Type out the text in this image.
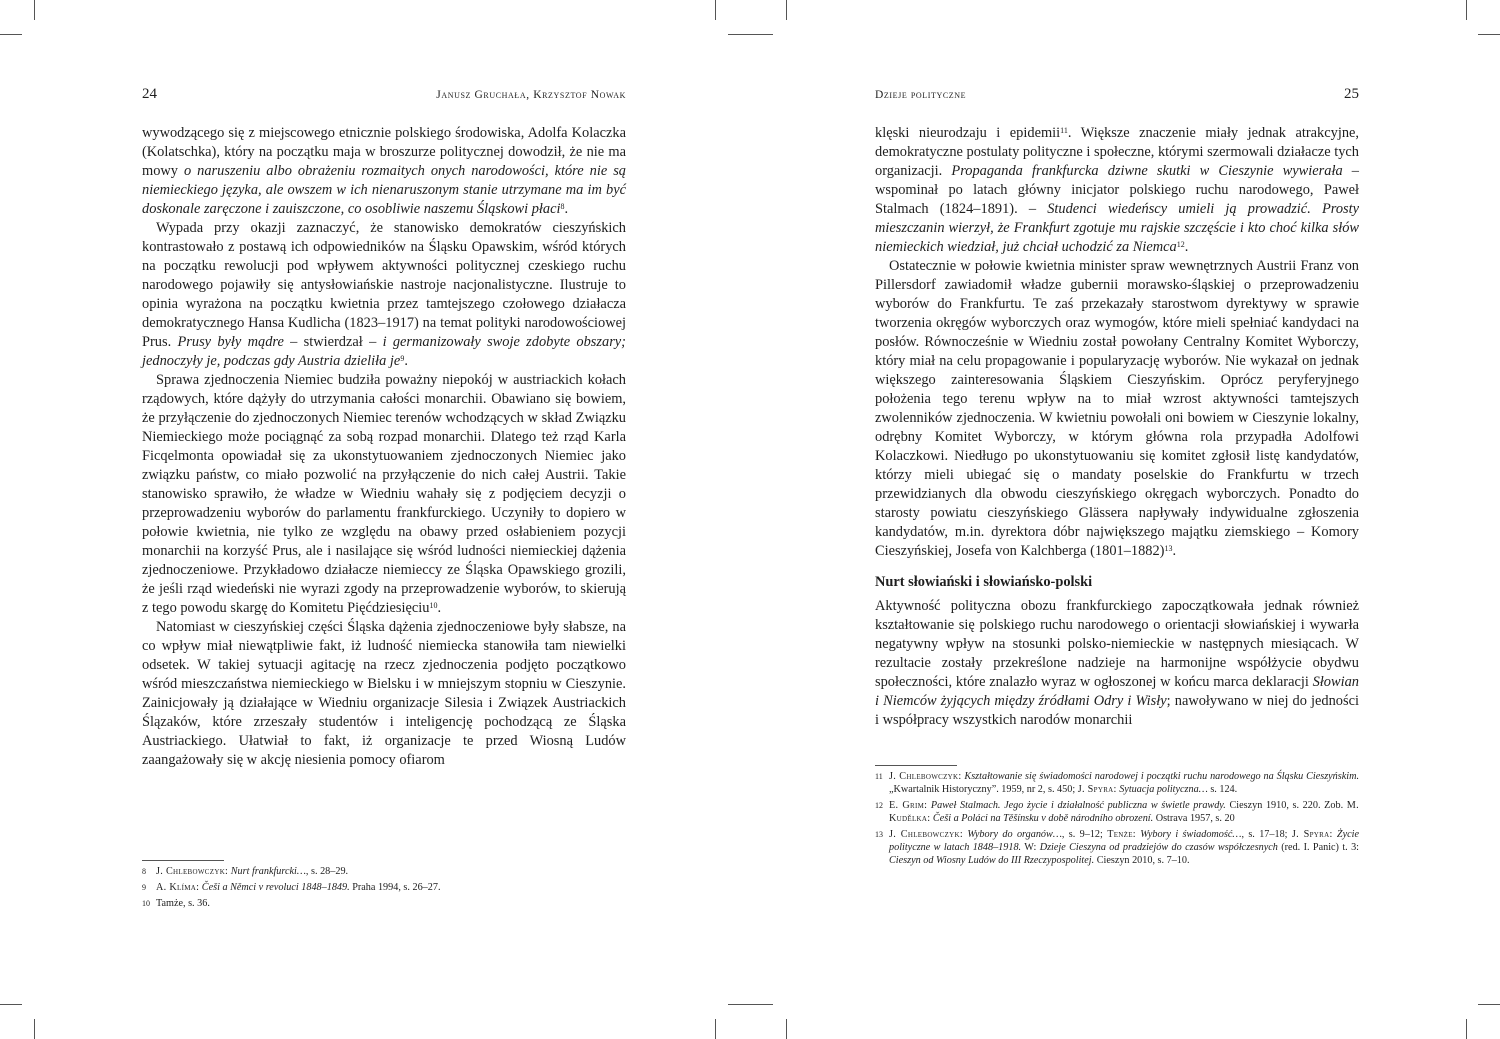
24	Janusz Gruchała, Krzysztof Nowak

wywodzącego się z miejscowego etnicznie polskiego środowiska, Adolfa Kolaczka (Kolatschka), który na początku maja w broszurze politycznej dowodził, że nie ma mowy o naruszeniu albo obrażeniu rozmaitych onych narodowości, które nie są niemieckiego języka, ale owszem w ich nienaruszonym stanie utrzymane ma im być doskonale zaręczone i zauiszczone, co osobliwie naszemu Śląskowi płaci$^8$.

Wypada przy okazji zaznaczyć, że stanowisko demokratów cieszyńskich kontrastowało z postawą ich odpowiedników na Śląsku Opawskim, wśród których na początku rewolucji pod wpływem aktywności politycznej czeskiego ruchu narodowego pojawiły się antysłowiańskie nastroje nacjonalistyczne. Ilustruje to opinia wyrażona na początku kwietnia przez tamtejszego czołowego działacza demokratycznego Hansa Kudlicha (1823–1917) na temat polityki narodowościowej Prus. Prusy były mądre – stwierdzał – i germanizowały swoje zdobyte obszary; jednoczyły je, podczas gdy Austria dzieliła $je^9$.

Sprawa zjednoczenia Niemiec budziła poważny niepokój w austriackich kołach rządowych, które dążyły do utrzymania całości monarchii. Obawiano się bowiem, że przyłączenie do zjednoczonych Niemiec terenów wchodzących w skład Związku Niemieckiego może pociągnąć za sobą rozpad monarchii. Dlatego też rząd Karla Ficqelmonta opowiadał się za ukonstytuowaniem zjednoczonych Niemiec jako związku państw, co miało pozwolić na przyłączenie do nich całej Austrii. Takie stanowisko sprawiło, że władze w Wiedniu wahały się z podjęciem decyzji o przeprowadzeniu wyborów do parlamentu frankfurckiego. Uczyniły to dopiero w połowie kwietnia, nie tylko ze względu na obawy przed osłabieniem pozycji monarchii na korzyść Prus, ale i nasilające się wśród ludności niemieckiej dążenia zjednoczeniowe. Przykładowo działacze niemieccy ze Śląska Opawskiego grozili, że jeśli rząd wiedeński nie wyrazi zgody na przeprowadzenie wyborów, to skierują z tego powodu skargę do Komitetu Pięćdziesięciu$^{10}$.

Natomiast w cieszyńskiej części Śląska dążenia zjednoczeniowe były słabsze, na co wpływ miał niewątpliwie fakt, iż ludność niemiecka stanowiła tam niewielki odsetek. W takiej sytuacji agitację na rzecz zjednoczenia podjęto początkowo wśród mieszczaństwa niemieckiego w Bielsku i w mniejszym stopniu w Cieszynie. Zainicjowały ją działające w Wiedniu organizacje Silesia i Związek Austriackich Ślązaków, które zrzeszały studentów i inteligencję pochodzącą ze Śląska Austriackiego. Ułatwiał to fakt, iż organizacje te przed Wiosną Ludów zaangażowały się w akcję niesienia pomocy ofiarom

8 J. Chlebowczyk: Nurt frankfurcki…, s. 28–29.
9 A. Klíma: Češi a Němci v revoluci 1848–1849. Praha 1994, s. 26–27.
10 Tamże, s. 36.
Dzieje polityczne	25

klęski nieurodzaju i epidemii$^{11}$. Większe znaczenie miały jednak atrakcyjne, demokratyczne postulaty polityczne i społeczne, którymi szermowali działacze tych organizacji. Propaganda frankfurcka dziwne skutki w Cieszynie wywierała – wspominał po latach główny inicjator polskiego ruchu narodowego, Paweł Stalmach (1824–1891). – Studenci wiedeńscy umieli ją prowadzić. Prosty mieszczanin wierzył, że Frankfurt zgotuje mu rajskie szczęście i kto choć kilka słów niemieckich wiedział, już chciał uchodzić za Niemca$^{12}$.

Ostatecznie w połowie kwietnia minister spraw wewnętrznych Austrii Franz von Pillersdorf zawiadomił władze gubernii morawsko-śląskiej o przeprowadzeniu wyborów do Frankfurtu. Te zaś przekazały starostwom dyrektywy w sprawie tworzenia okręgów wyborczych oraz wymogów, które mieli spełniać kandydaci na posłów. Równocześnie w Wiedniu został powołany Centralny Komitet Wyborczy, który miał na celu propagowanie i popularyzację wyborów. Nie wykazał on jednak większego zainteresowania Śląskiem Cieszyńskim. Oprócz peryferyjnego położenia tego terenu wpływ na to miał wzrost aktywności tamtejszych zwolenników zjednoczenia. W kwietniu powołali oni bowiem w Cieszynie lokalny, odrębny Komitet Wyborczy, w którym główna rola przypadła Adolfowi Kolaczkowi. Niedługo po ukonstytuowaniu się komitet zgłosił listę kandydatów, którzy mieli ubiegać się o mandaty poselskie do Frankfurtu w trzech przewidzianych dla obwodu cieszyńskiego okręgach wyborczych. Ponadto do starosty powiatu cieszyńskiego Glässera napływały indywidualne zgłoszenia kandydatów, m.in. dyrektora dóbr największego majątku ziemskiego – Komory Cieszyńskiej, Josefa von Kalchberga (1801–1882)$^{13}$.

Nurt słowiański i słowiańsko-polski

Aktywność polityczna obozu frankfurckiego zapoczątkowała jednak również kształtowanie się polskiego ruchu narodowego o orientacji słowiańskiej i wywarła negatywny wpływ na stosunki polsko-niemieckie w następnych miesiącach. W rezultacie zostały przekreślone nadzieje na harmonijne współżycie obydwu społeczności, które znalazło wyraz w ogłoszonej w końcu marca deklaracji Słowian i Niemców żyjących między źródłami Odry i Wisły; nawoływano w niej do jedności i współpracy wszystkich narodów monarchii

11 J. Chlebowczyk: Kształtowanie się świadomości narodowej i początki ruchu narodowego na Śląsku Cieszyńskim. „Kwartalnik Historyczny”. 1959, nr 2, s. 450; J. Spyra: Sytuacja polityczna… s. 124.
12 E. Grim: Paweł Stalmach. Jego życie i działalność publiczna w świetle prawdy. Cieszyn 1910, s. 220. Zob. M. Kudělka: Češi a Poláci na Těšínsku v době národního obrození. Ostrava 1957, s. 20
13 J. Chlebowczyk: Wybory do organów…, s. 9–12; Tenże: Wybory i świadomość…, s. 17–18; J. Spyra: Życie polityczne w latach 1848–1918. W: Dzieje Cieszyna od pradziejów do czasów współczesnych (red. I. Panic) t. 3: Cieszyn od Wiosny Ludów do III Rzeczypospolitej. Cieszyn 2010, s. 7–10.
